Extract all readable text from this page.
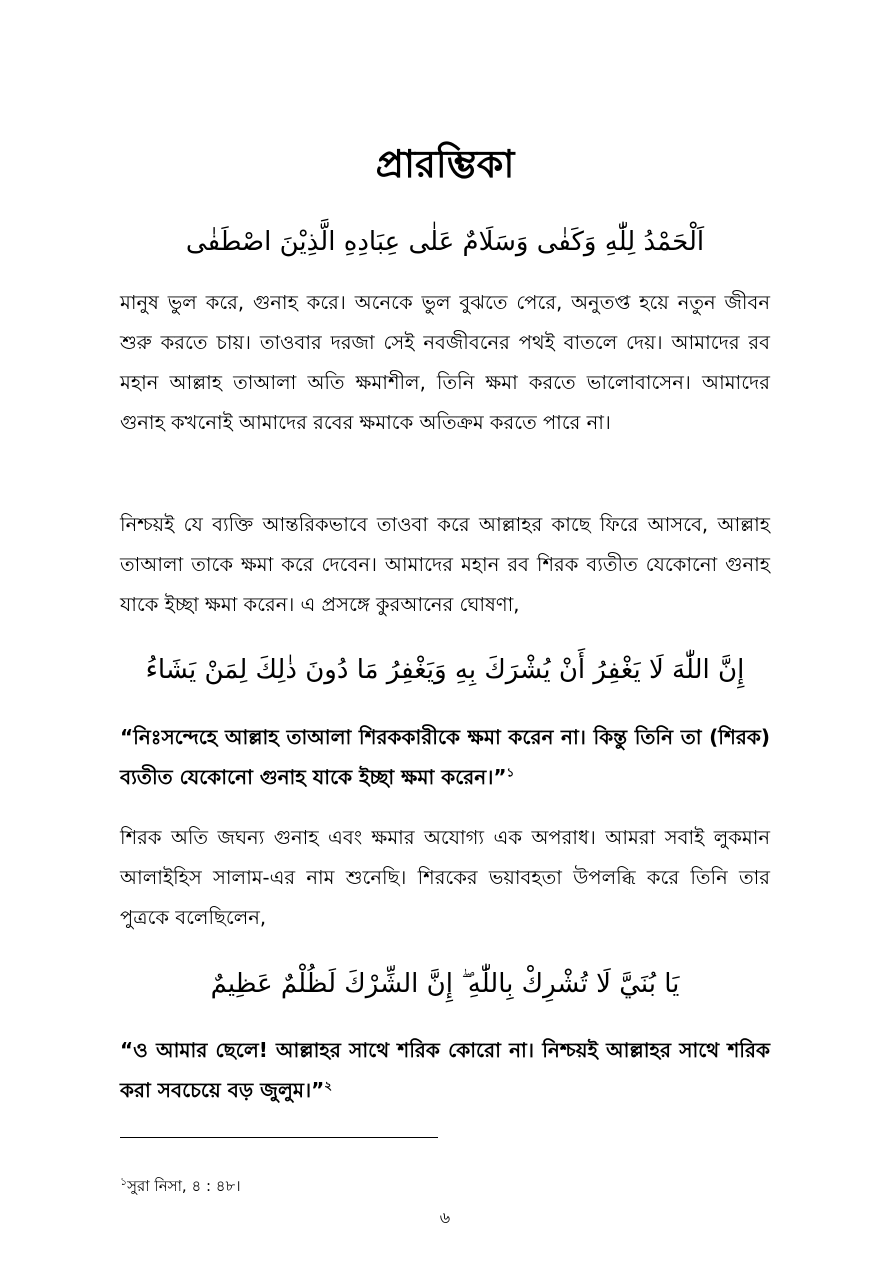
প্রারম্ভিকা
اَلْحَمْدُ لِلّٰهِ وَكَفٰى وَسَلَامٌ عَلٰى عِبَادِهِ الَّذِيْنَ اصْطَفٰى

মানুষ ভুল করে, গুনাহ করে। অনেকে ভুল বুঝতে পেরে, অনুতপ্ত হয়ে নতুন জীবন শুরু করতে চায়। তাওবার দরজা সেই নবজীবনের পথই বাতলে দেয়। আমাদের রব মহান আল্লাহ তাআলা অতি ক্ষমাশীল, তিনি ক্ষমা করতে ভালোবাসেন। আমাদের গুনাহ কখনোই আমাদের রবের ক্ষমাকে অতিক্রম করতে পারে না।

নিশ্চয়ই যে ব্যক্তি আন্তরিকভাবে তাওবা করে আল্লাহর কাছে ফিরে আসবে, আল্লাহ তাআলা তাকে ক্ষমা করে দেবেন। আমাদের মহান রব শিরক ব্যতীত যেকোনো গুনাহ যাকে ইচ্ছা ক্ষমা করেন। এ প্রসঙ্গে কুরআনের ঘোষণা,

إِنَّ اللّٰهَ لَا يَغْفِرُ أَنْ يُشْرَكَ بِهِ وَيَغْفِرُ مَا دُونَ ذٰلِكَ لِمَنْ يَشَاءُ

“নিঃসন্দেহে আল্লাহ তাআলা শিরককারীকে ক্ষমা করেন না। কিন্তু তিনি তা (শিরক) ব্যতীত যেকোনো গুনাহ যাকে ইচ্ছা ক্ষমা করেন।”$^১$

শিরক অতি জঘন্য গুনাহ এবং ক্ষমার অযোগ্য এক অপরাধ। আমরা সবাই লুকমান আলাইহিস সালাম-এর নাম শুনেছি। শিরকের ভয়াবহতা উপলব্ধি করে তিনি তার পুত্রকে বলেছিলেন,

يَا بُنَيَّ لَا تُشْرِكْ بِاللّٰهِ ۖ إِنَّ الشِّرْكَ لَظُلْمٌ عَظِيمٌ

“ও আমার ছেলে! আল্লাহর সাথে শরিক কোরো না। নিশ্চয়ই আল্লাহর সাথে শরিক করা সবচেয়ে বড় জুলুম।”$^২$

$^১$সুরা নিসা, ৪ : ৪৮।
৬
